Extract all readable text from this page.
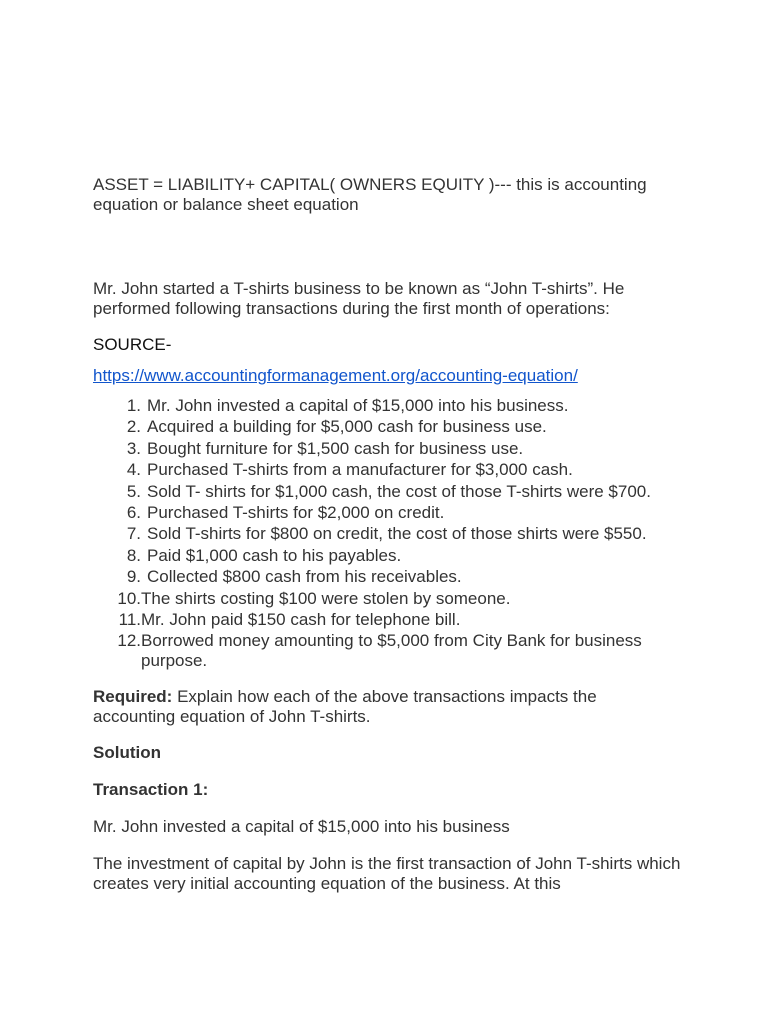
ASSET = LIABILITY+ CAPITAL( OWNERS EQUITY )--- this is accounting equation or balance sheet equation

Mr. John started a T-shirts business to be known as “John T-shirts”. He performed following transactions during the first month of operations:

SOURCE-

https://www.accountingformanagement.org/accounting-equation/
1. Mr. John invested a capital of $15,000 into his business.
2. Acquired a building for $5,000 cash for business use.
3. Bought furniture for $1,500 cash for business use.
4. Purchased T-shirts from a manufacturer for $3,000 cash.
5. Sold T- shirts for $1,000 cash, the cost of those T-shirts were $700.
6. Purchased T-shirts for $2,000 on credit.
7. Sold T-shirts for $800 on credit, the cost of those shirts were $550.
8. Paid $1,000 cash to his payables.
9. Collected $800 cash from his receivables.
10. The shirts costing $100 were stolen by someone.
11. Mr. John paid $150 cash for telephone bill.
12. Borrowed money amounting to $5,000 from City Bank for business purpose.

Required: Explain how each of the above transactions impacts the accounting equation of John T-shirts.

Solution

Transaction 1:

Mr. John invested a capital of $15,000 into his business

The investment of capital by John is the first transaction of John T-shirts which creates very initial accounting equation of the business. At this
